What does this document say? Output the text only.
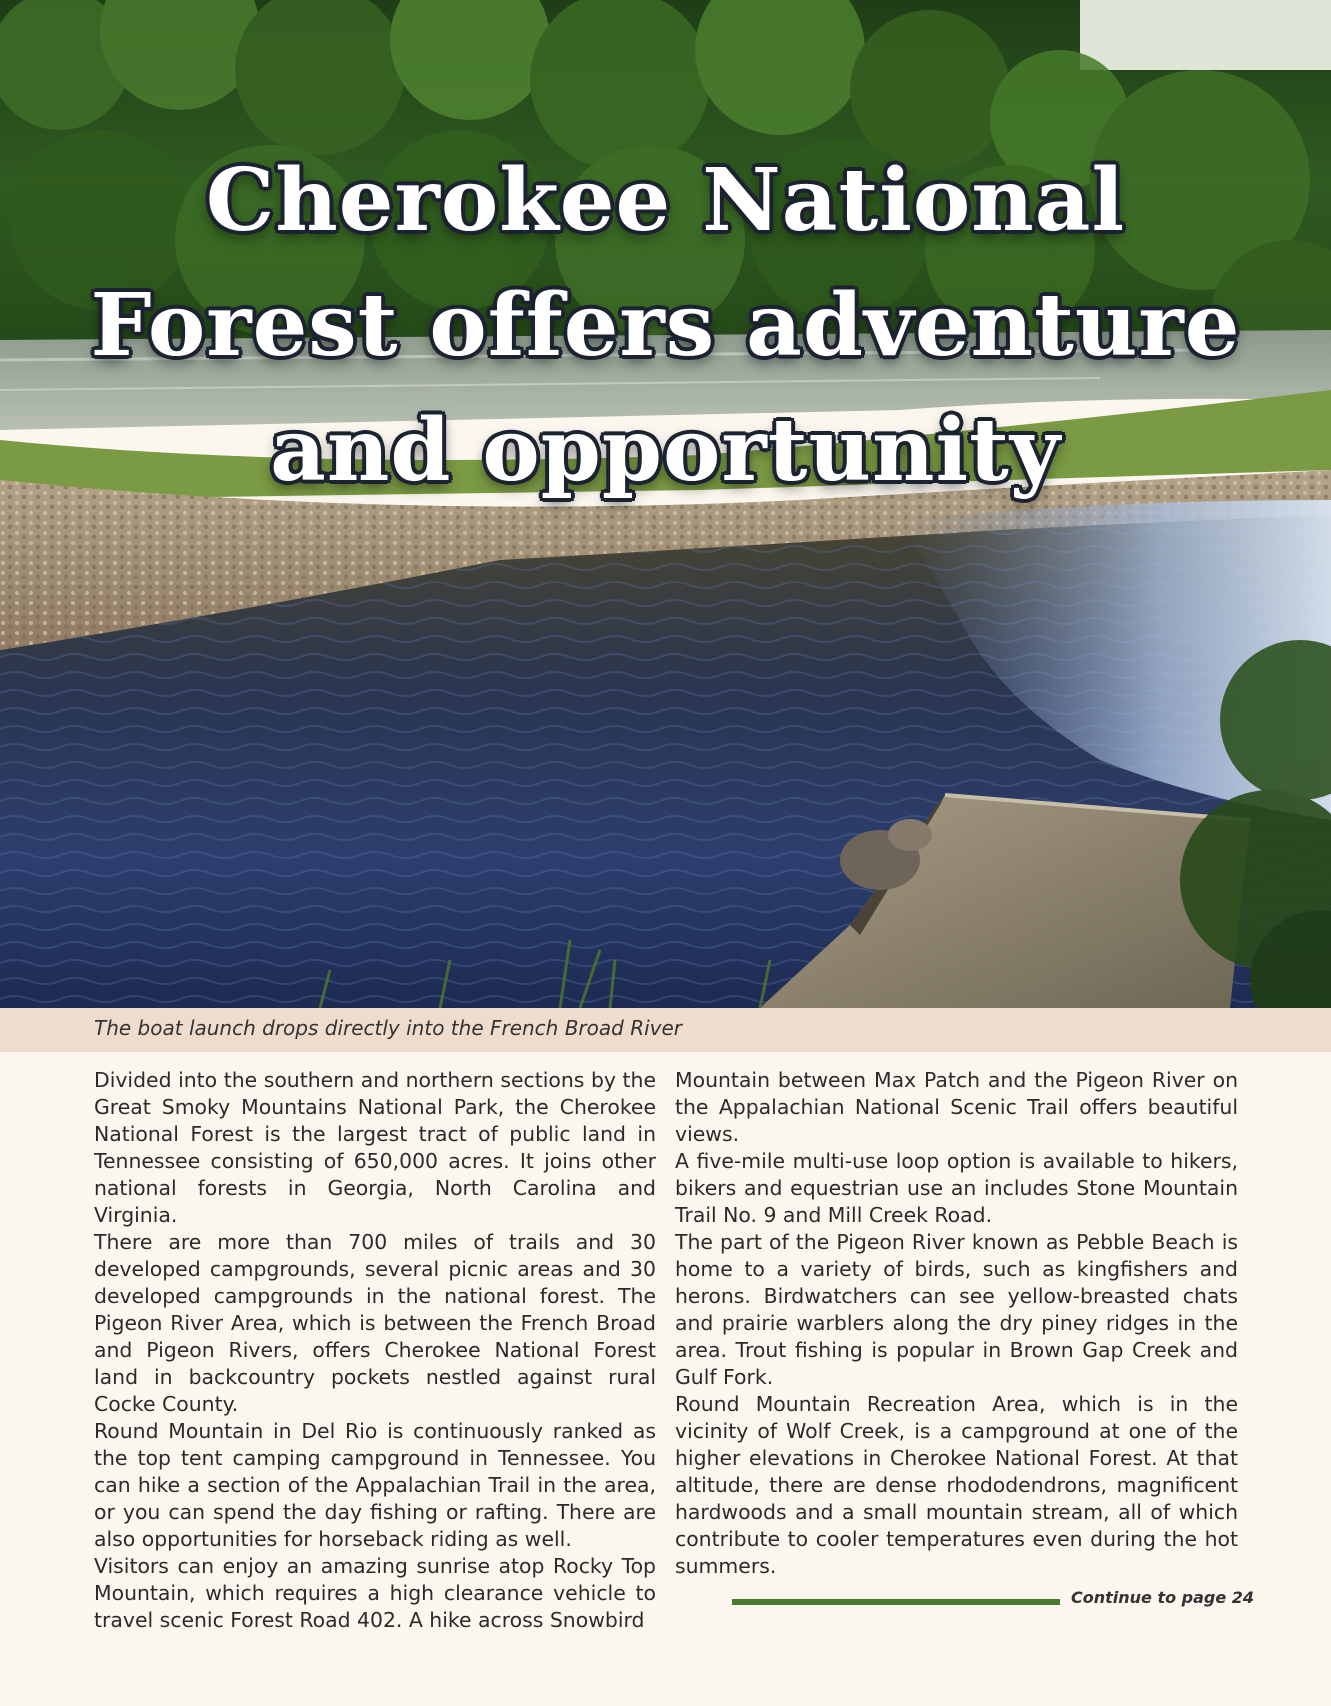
Cherokee National
Forest offers adventure
and opportunity
The boat launch drops directly into the French Broad River

Divided into the southern and northern sections by the Great Smoky Mountains National Park, the Cherokee National Forest is the largest tract of public land in Tennessee consisting of 650,000 acres. It joins other national forests in Georgia, North Carolina and Virginia.

There are more than 700 miles of trails and 30 developed campgrounds, several picnic areas and 30 developed campgrounds in the national forest. The Pigeon River Area, which is between the French Broad and Pigeon Rivers, offers Cherokee National Forest land in backcountry pockets nestled against rural Cocke County.

Round Mountain in Del Rio is continuously ranked as the top tent camping campground in Tennessee. You can hike a section of the Appalachian Trail in the area, or you can spend the day fishing or rafting. There are also opportunities for horseback riding as well.

Visitors can enjoy an amazing sunrise atop Rocky Top Mountain, which requires a high clearance vehicle to travel scenic Forest Road 402. A hike across Snowbird

Mountain between Max Patch and the Pigeon River on the Appalachian National Scenic Trail offers beautiful views.

A five-mile multi-use loop option is available to hikers, bikers and equestrian use an includes Stone Mountain Trail No. 9 and Mill Creek Road.

The part of the Pigeon River known as Pebble Beach is home to a variety of birds, such as kingfishers and herons. Birdwatchers can see yellow-breasted chats and prairie warblers along the dry piney ridges in the area. Trout fishing is popular in Brown Gap Creek and Gulf Fork.

Round Mountain Recreation Area, which is in the vicinity of Wolf Creek, is a campground at one of the higher elevations in Cherokee National Forest. At that altitude, there are dense rhododendrons, magnificent hardwoods and a small mountain stream, all of which contribute to cooler temperatures even during the hot summers.

Continue to page 24
